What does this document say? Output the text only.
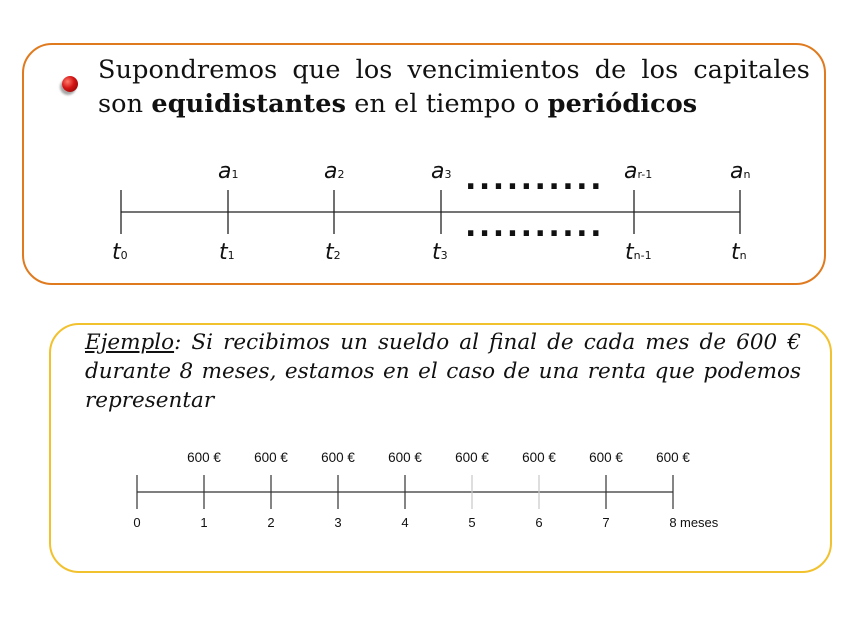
Supondremos que los vencimientos de los capitales son equidistantes en el tiempo o periódicos
t0	t1	t2	t3	tn-1	tn
a1	a2	a3	ar-1	an
..........
..........
Ejemplo: Si recibimos un sueldo al final de cada mes de 600 € durante 8 meses, estamos en el caso de una renta que podemos representar
0	1	2	3	4	5	6	7	8 meses
600 € 600 € 600 € 600 € 600 € 600 € 600 € 600 €
